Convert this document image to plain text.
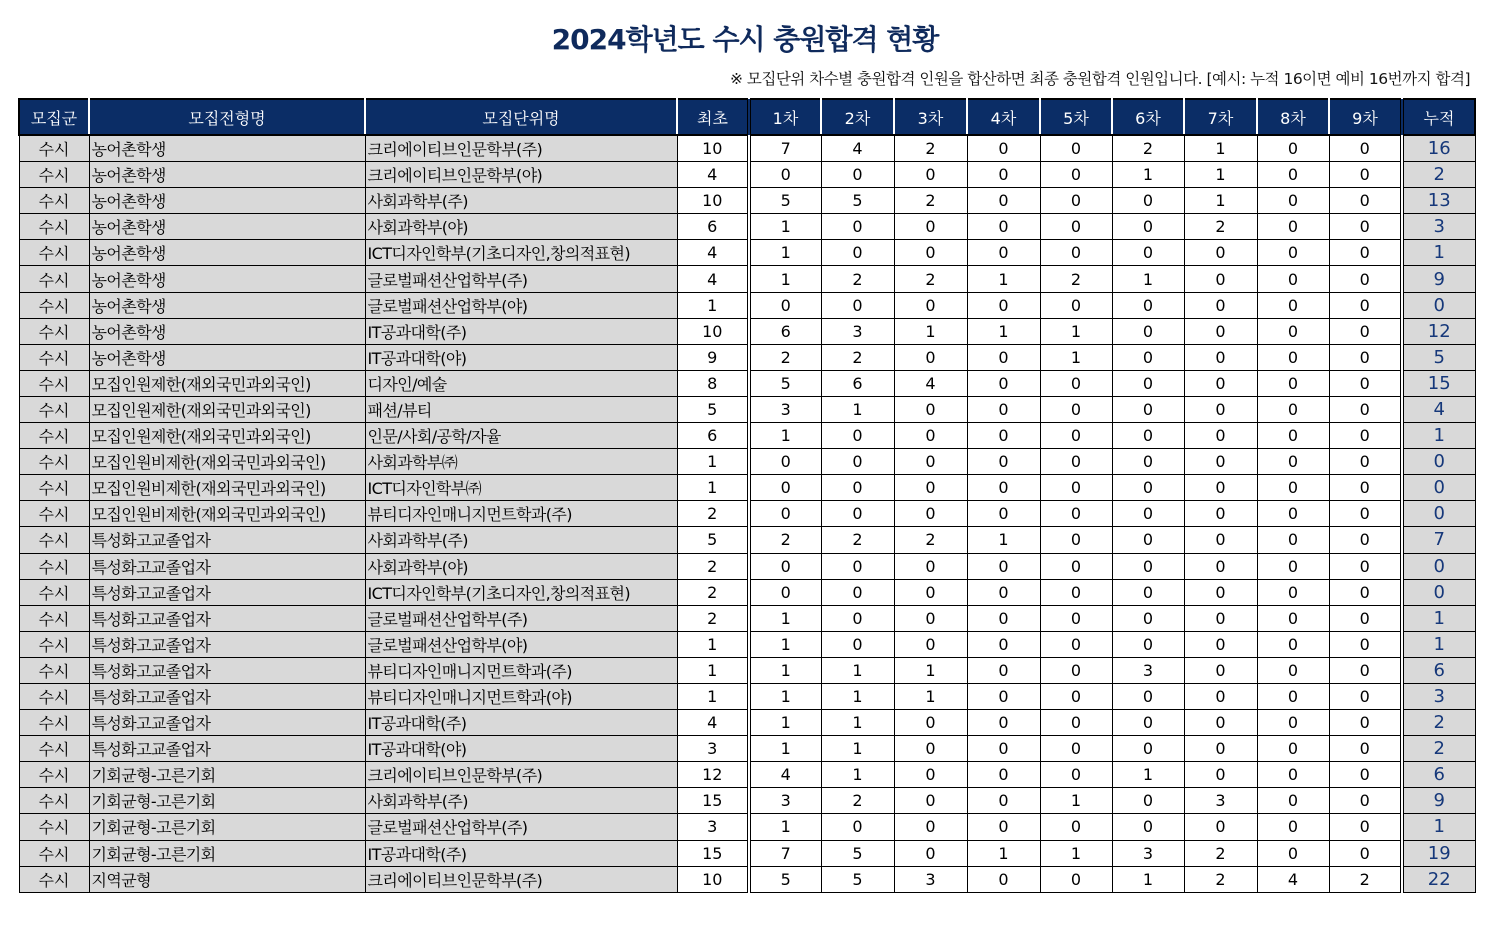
2024학년도 수시 충원합격 현황
※ 모집단위 차수별 충원합격 인원을 합산하면 최종 충원합격 인원입니다. [예시: 누적 16이면 예비 16번까지 합격]
모집군	모집전형명	모집단위명	최초	1차	2차	3차	4차	5차	6차	7차	8차	9차	누적
수시	농어촌학생	크리에이티브인문학부(주)	10	7	4	2	0	0	2	1	0	0	16
수시	농어촌학생	크리에이티브인문학부(야)	4	0	0	0	0	0	1	1	0	0	2
수시	농어촌학생	사회과학부(주)	10	5	5	2	0	0	0	1	0	0	13
수시	농어촌학생	사회과학부(야)	6	1	0	0	0	0	0	2	0	0	3
수시	농어촌학생	ICT디자인학부(기초디자인,창의적표현)	4	1	0	0	0	0	0	0	0	0	1
수시	농어촌학생	글로벌패션산업학부(주)	4	1	2	2	1	2	1	0	0	0	9
수시	농어촌학생	글로벌패션산업학부(야)	1	0	0	0	0	0	0	0	0	0	0
수시	농어촌학생	IT공과대학(주)	10	6	3	1	1	1	0	0	0	0	12
수시	농어촌학생	IT공과대학(야)	9	2	2	0	0	1	0	0	0	0	5
수시	모집인원제한(재외국민과외국인)	디자인/예술	8	5	6	4	0	0	0	0	0	0	15
수시	모집인원제한(재외국민과외국인)	패션/뷰티	5	3	1	0	0	0	0	0	0	0	4
수시	모집인원제한(재외국민과외국인)	인문/사회/공학/자율	6	1	0	0	0	0	0	0	0	0	1
수시	모집인원비제한(재외국민과외국인)	사회과학부㈜	1	0	0	0	0	0	0	0	0	0	0
수시	모집인원비제한(재외국민과외국인)	ICT디자인학부㈜	1	0	0	0	0	0	0	0	0	0	0
수시	모집인원비제한(재외국민과외국인)	뷰티디자인매니지먼트학과(주)	2	0	0	0	0	0	0	0	0	0	0
수시	특성화고교졸업자	사회과학부(주)	5	2	2	2	1	0	0	0	0	0	7
수시	특성화고교졸업자	사회과학부(야)	2	0	0	0	0	0	0	0	0	0	0
수시	특성화고교졸업자	ICT디자인학부(기초디자인,창의적표현)	2	0	0	0	0	0	0	0	0	0	0
수시	특성화고교졸업자	글로벌패션산업학부(주)	2	1	0	0	0	0	0	0	0	0	1
수시	특성화고교졸업자	글로벌패션산업학부(야)	1	1	0	0	0	0	0	0	0	0	1
수시	특성화고교졸업자	뷰티디자인매니지먼트학과(주)	1	1	1	1	0	0	3	0	0	0	6
수시	특성화고교졸업자	뷰티디자인매니지먼트학과(야)	1	1	1	1	0	0	0	0	0	0	3
수시	특성화고교졸업자	IT공과대학(주)	4	1	1	0	0	0	0	0	0	0	2
수시	특성화고교졸업자	IT공과대학(야)	3	1	1	0	0	0	0	0	0	0	2
수시	기회균형-고른기회	크리에이티브인문학부(주)	12	4	1	0	0	0	1	0	0	0	6
수시	기회균형-고른기회	사회과학부(주)	15	3	2	0	0	1	0	3	0	0	9
수시	기회균형-고른기회	글로벌패션산업학부(주)	3	1	0	0	0	0	0	0	0	0	1
수시	기회균형-고른기회	IT공과대학(주)	15	7	5	0	1	1	3	2	0	0	19
수시	지역균형	크리에이티브인문학부(주)	10	5	5	3	0	0	1	2	4	2	22
